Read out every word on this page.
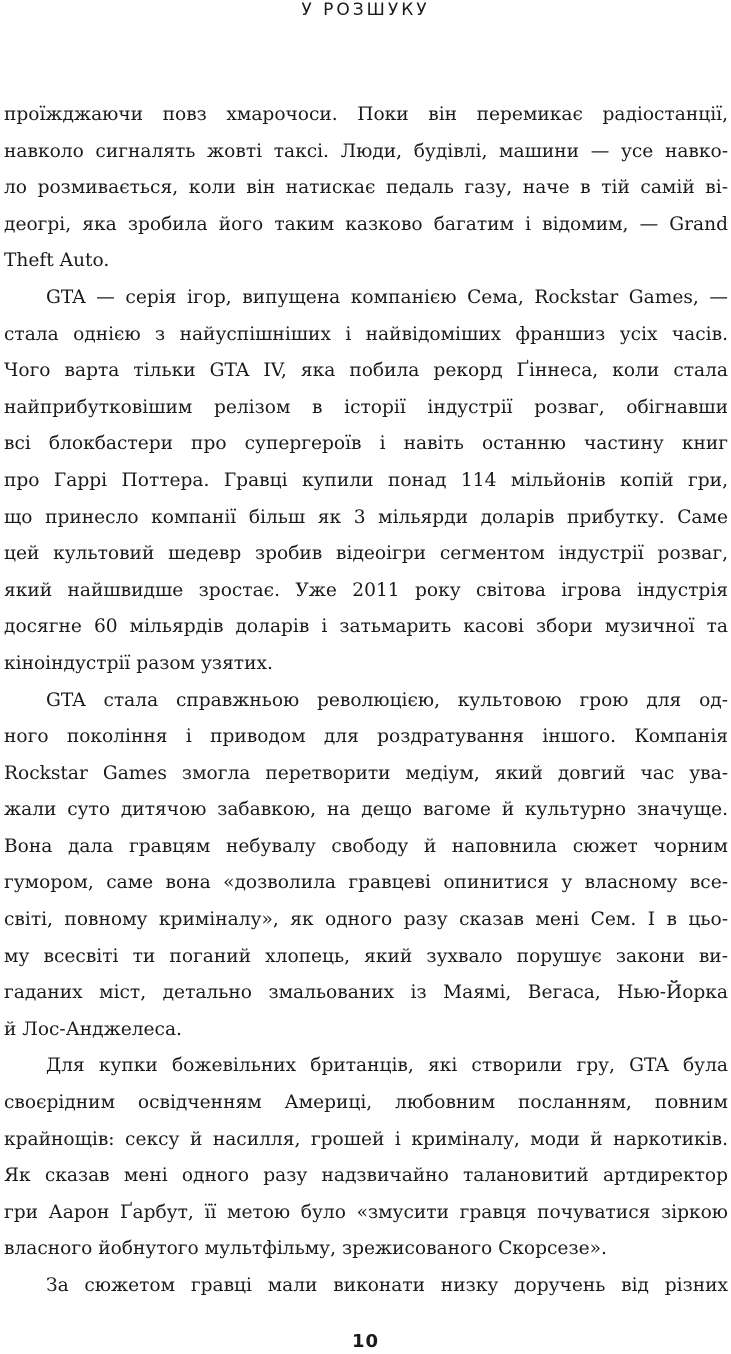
У РОЗШУКУ
проїжджаючи повз хмарочоси. Поки він перемикає радіостанції,
навколо сигналять жовті таксі. Люди, будівлі, машини — усе навко-
ло розмивається, коли він натискає педаль газу, наче в тій самій ві-
деогрі, яка зробила його таким казково багатим і відомим, — Grand
Theft Auto.
GTA — серія ігор, випущена компанією Сема, Rockstar Games, —
стала однією з найуспішніших і найвідоміших франшиз усіх часів.
Чого варта тільки GTA IV, яка побила рекорд Ґіннеса, коли стала
найприбутковішим релізом в історії індустрії розваг, обігнавши
всі блокбастери про супергероїв і навіть останню частину книг
про Гаррі Поттера. Гравці купили понад 114 мільйонів копій гри,
що принесло компанії більш як 3 мільярди доларів прибутку. Саме
цей культовий шедевр зробив відеоігри сегментом індустрії розваг,
який найшвидше зростає. Уже 2011 року світова ігрова індустрія
досягне 60 мільярдів доларів і затьмарить касові збори музичної та
кіноіндустрії разом узятих.
GTA стала справжньою революцією, культовою грою для од-
ного покоління і приводом для роздратування іншого. Компанія
Rockstar Games змогла перетворити медіум, який довгий час ува-
жали суто дитячою забавкою, на дещо вагоме й культурно значуще.
Вона дала гравцям небувалу свободу й наповнила сюжет чорним
гумором, саме вона «дозволила гравцеві опинитися у власному все-
світі, повному криміналу», як одного разу сказав мені Сем. І в цьо-
му всесвіті ти поганий хлопець, який зухвало порушує закони ви-
гаданих міст, детально змальованих із Маямі, Вегаса, Нью-Йорка
й Лос-Анджелеса.
Для купки божевільних британців, які створили гру, GTA була
своєрідним освідченням Америці, любовним посланням, повним
крайнощів: сексу й насилля, грошей і криміналу, моди й наркотиків.
Як сказав мені одного разу надзвичайно талановитий артдиректор
гри Аарон Ґарбут, її метою було «змусити гравця почуватися зіркою
власного йобнутого мультфільму, зрежисованого Скорсезе».
За сюжетом гравці мали виконати низку доручень від різних
10
